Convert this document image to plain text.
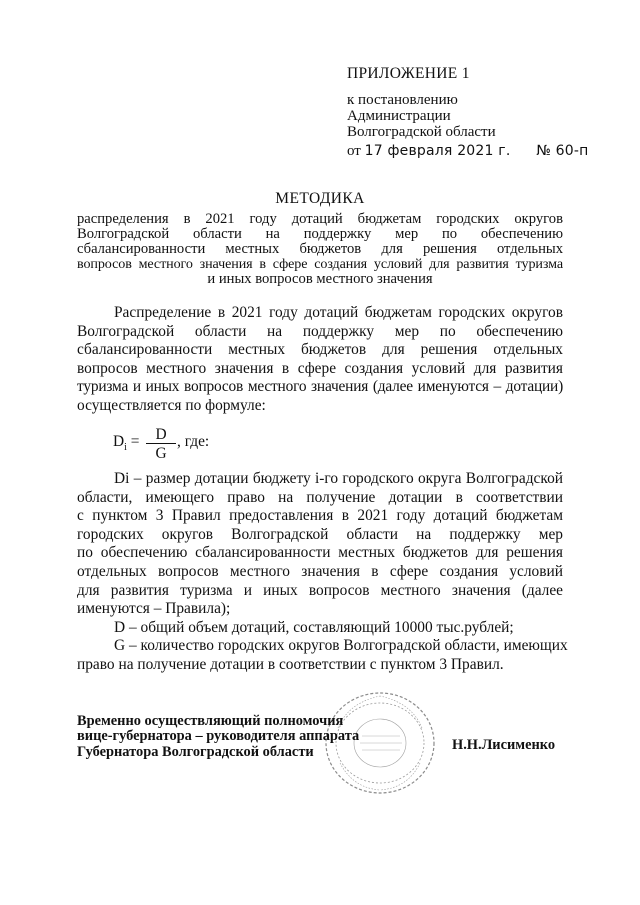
ПРИЛОЖЕНИЕ 1
к постановлению
Администрации
Волгоградской области
от 17 февраля 2021 г. № 60-п
МЕТОДИКА
распределения в 2021 году дотаций бюджетам городских округов
Волгоградской области на поддержку мер по обеспечению
сбалансированности местных бюджетов для решения отдельных
вопросов местного значения в сфере создания условий для развития туризма
и иных вопросов местного значения
Распределение в 2021 году дотаций бюджетам городских округов
Волгоградской области на поддержку мер по обеспечению
сбалансированности местных бюджетов для решения отдельных
вопросов местного значения в сфере создания условий для развития
туризма и иных вопросов местного значения (далее именуются – дотации)
осуществляется по формуле:
$D_i$ =	D
G
, где:
Di – размер дотации бюджету i-го городского округа Волгоградской
области, имеющего право на получение дотации в соответствии
с пунктом 3 Правил предоставления в 2021 году дотаций бюджетам
городских округов Волгоградской области на поддержку мер
по обеспечению сбалансированности местных бюджетов для решения
отдельных вопросов местного значения в сфере создания условий
для развития туризма и иных вопросов местного значения (далее
именуются – Правила);
D – общий объем дотаций, составляющий 10000 тыс.рублей;
G – количество городских округов Волгоградской области, имеющих
право на получение дотации в соответствии с пунктом 3 Правил.
Временно осуществляющий полномочия
вице-губернатора – руководителя аппарата
Губернатора Волгоградской области	Н.Н.Лисименко
